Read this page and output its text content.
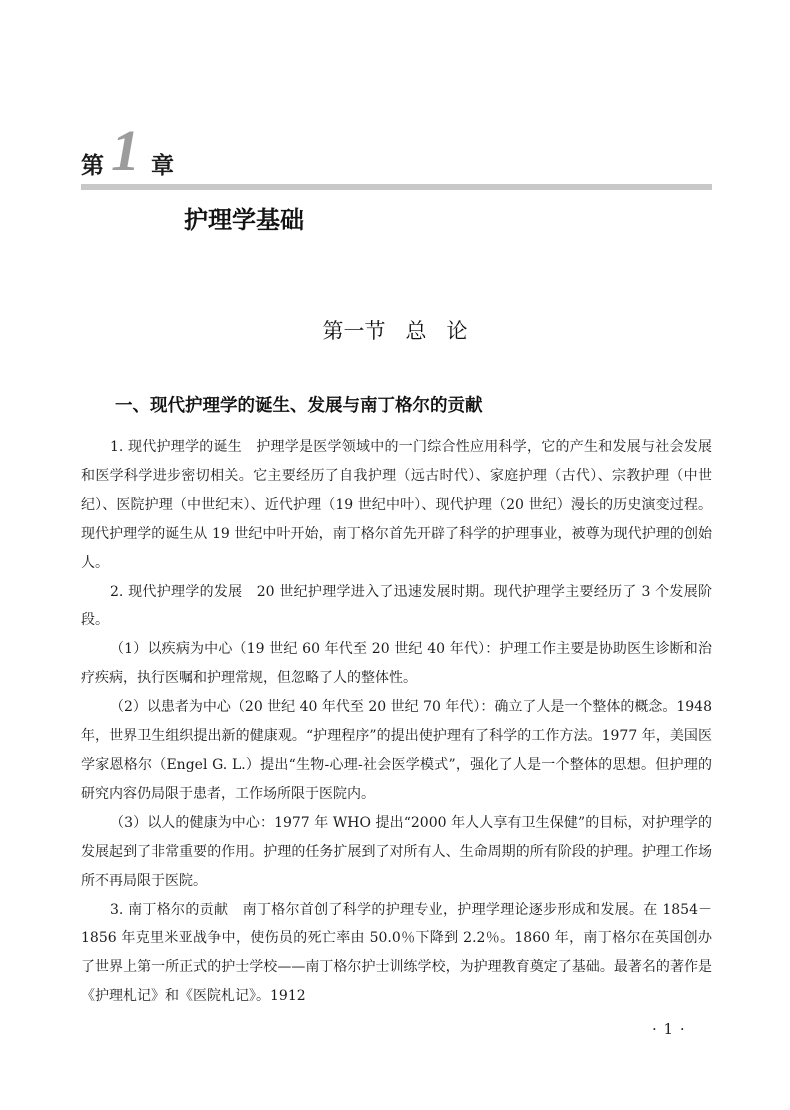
第 1 章
护理学基础
第一节   总   论
一、现代护理学的诞生、发展与南丁格尔的贡献

1. 现代护理学的诞生　护理学是医学领域中的一门综合性应用科学，它的产生和发展与社会发展和医学科学进步密切相关。它主要经历了自我护理（远古时代）、家庭护理（古代）、宗教护理（中世纪）、医院护理（中世纪末）、近代护理（19 世纪中叶）、现代护理（20 世纪）漫长的历史演变过程。现代护理学的诞生从 19 世纪中叶开始，南丁格尔首先开辟了科学的护理事业，被尊为现代护理的创始人。

2. 现代护理学的发展　20 世纪护理学进入了迅速发展时期。现代护理学主要经历了 3 个发展阶段。

（1）以疾病为中心（19 世纪 60 年代至 20 世纪 40 年代）：护理工作主要是协助医生诊断和治疗疾病，执行医嘱和护理常规，但忽略了人的整体性。

（2）以患者为中心（20 世纪 40 年代至 20 世纪 70 年代）：确立了人是一个整体的概念。1948 年，世界卫生组织提出新的健康观。“护理程序”的提出使护理有了科学的工作方法。1977 年，美国医学家恩格尔（Engel G. L.）提出“生物-心理-社会医学模式”，强化了人是一个整体的思想。但护理的研究内容仍局限于患者，工作场所限于医院内。

（3）以人的健康为中心：1977 年 WHO 提出“2000 年人人享有卫生保健”的目标，对护理学的发展起到了非常重要的作用。护理的任务扩展到了对所有人、生命周期的所有阶段的护理。护理工作场所不再局限于医院。

3. 南丁格尔的贡献　南丁格尔首创了科学的护理专业，护理学理论逐步形成和发展。在 1854－1856 年克里米亚战争中，使伤员的死亡率由 50.0％下降到 2.2％。1860 年，南丁格尔在英国创办了世界上第一所正式的护士学校——南丁格尔护士训练学校，为护理教育奠定了基础。最著名的著作是《护理札记》和《医院札记》。1912

· 1 ·
